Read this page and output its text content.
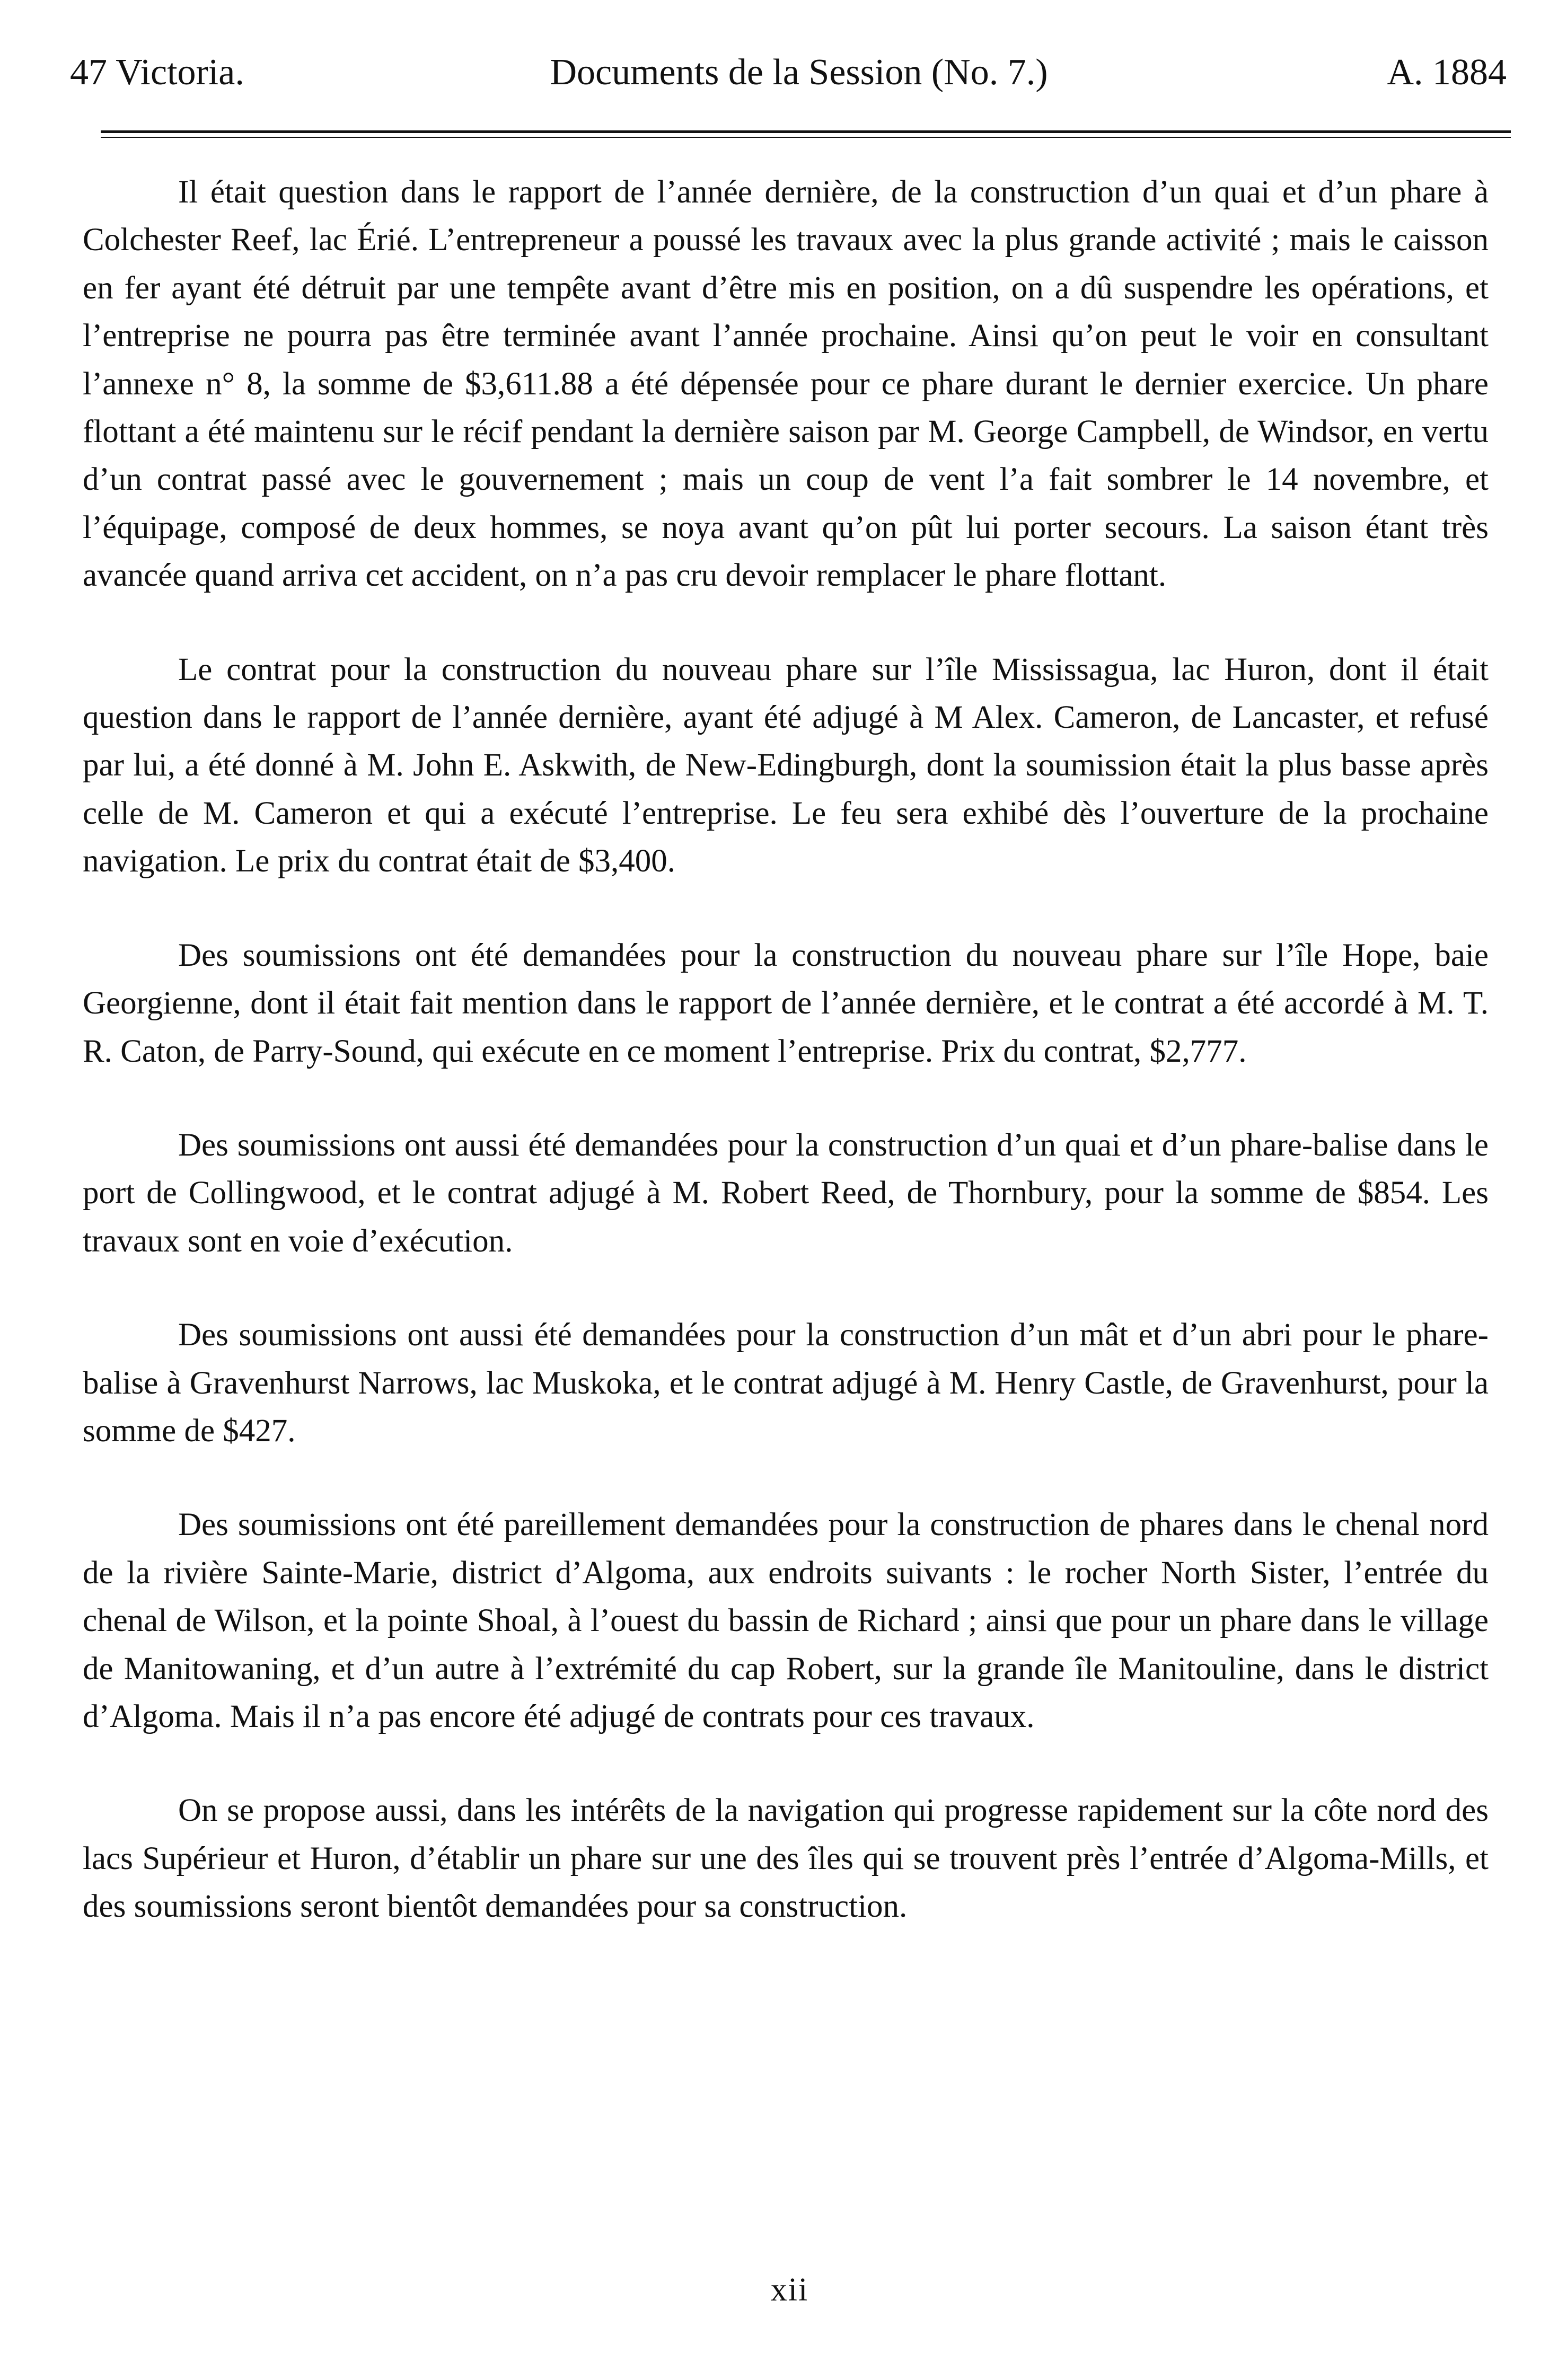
47 Victoria.	Documents de la Session (No. 7.)	A. 1884

Il était question dans le rapport de l’année dernière, de la construction d’un quai et d’un phare à Colchester Reef, lac Érié. L’entrepreneur a poussé les travaux avec la plus grande activité ; mais le caisson en fer ayant été détruit par une tempête avant d’être mis en position, on a dû suspendre les opérations, et l’entreprise ne pourra pas être terminée avant l’année prochaine. Ainsi qu’on peut le voir en consultant l’annexe n° 8, la somme de $3,611.88 a été dépensée pour ce phare durant le dernier exercice. Un phare flottant a été maintenu sur le récif pendant la dernière saison par M. George Campbell, de Windsor, en vertu d’un contrat passé avec le gouvernement ; mais un coup de vent l’a fait sombrer le 14 novembre, et l’équipage, composé de deux hommes, se noya avant qu’on pût lui porter secours. La saison étant très avancée quand arriva cet accident, on n’a pas cru devoir remplacer le phare flottant.

Le contrat pour la construction du nouveau phare sur l’île Mississagua, lac Huron, dont il était question dans le rapport de l’année dernière, ayant été adjugé à M Alex. Cameron, de Lancaster, et refusé par lui, a été donné à M. John E. Askwith, de New-Edingburgh, dont la soumission était la plus basse après celle de M. Cameron et qui a exécuté l’entreprise. Le feu sera exhibé dès l’ouverture de la prochaine navigation. Le prix du contrat était de $3,400.

Des soumissions ont été demandées pour la construction du nouveau phare sur l’île Hope, baie Georgienne, dont il était fait mention dans le rapport de l’année dernière, et le contrat a été accordé à M. T. R. Caton, de Parry-Sound, qui exécute en ce moment l’entreprise. Prix du contrat, $2,777.

Des soumissions ont aussi été demandées pour la construction d’un quai et d’un phare-balise dans le port de Collingwood, et le contrat adjugé à M. Robert Reed, de Thornbury, pour la somme de $854. Les travaux sont en voie d’exécution.

Des soumissions ont aussi été demandées pour la construction d’un mât et d’un abri pour le phare-balise à Gravenhurst Narrows, lac Muskoka, et le contrat adjugé à M. Henry Castle, de Gravenhurst, pour la somme de $427.

Des soumissions ont été pareillement demandées pour la construction de phares dans le chenal nord de la rivière Sainte-Marie, district d’Algoma, aux endroits suivants : le rocher North Sister, l’entrée du chenal de Wilson, et la pointe Shoal, à l’ouest du bassin de Richard ; ainsi que pour un phare dans le village de Manitowaning, et d’un autre à l’extrémité du cap Robert, sur la grande île Manitouline, dans le district d’Algoma. Mais il n’a pas encore été adjugé de contrats pour ces travaux.

On se propose aussi, dans les intérêts de la navigation qui progresse rapidement sur la côte nord des lacs Supérieur et Huron, d’établir un phare sur une des îles qui se trouvent près l’entrée d’Algoma-Mills, et des soumissions seront bientôt demandées pour sa construction.

xii
